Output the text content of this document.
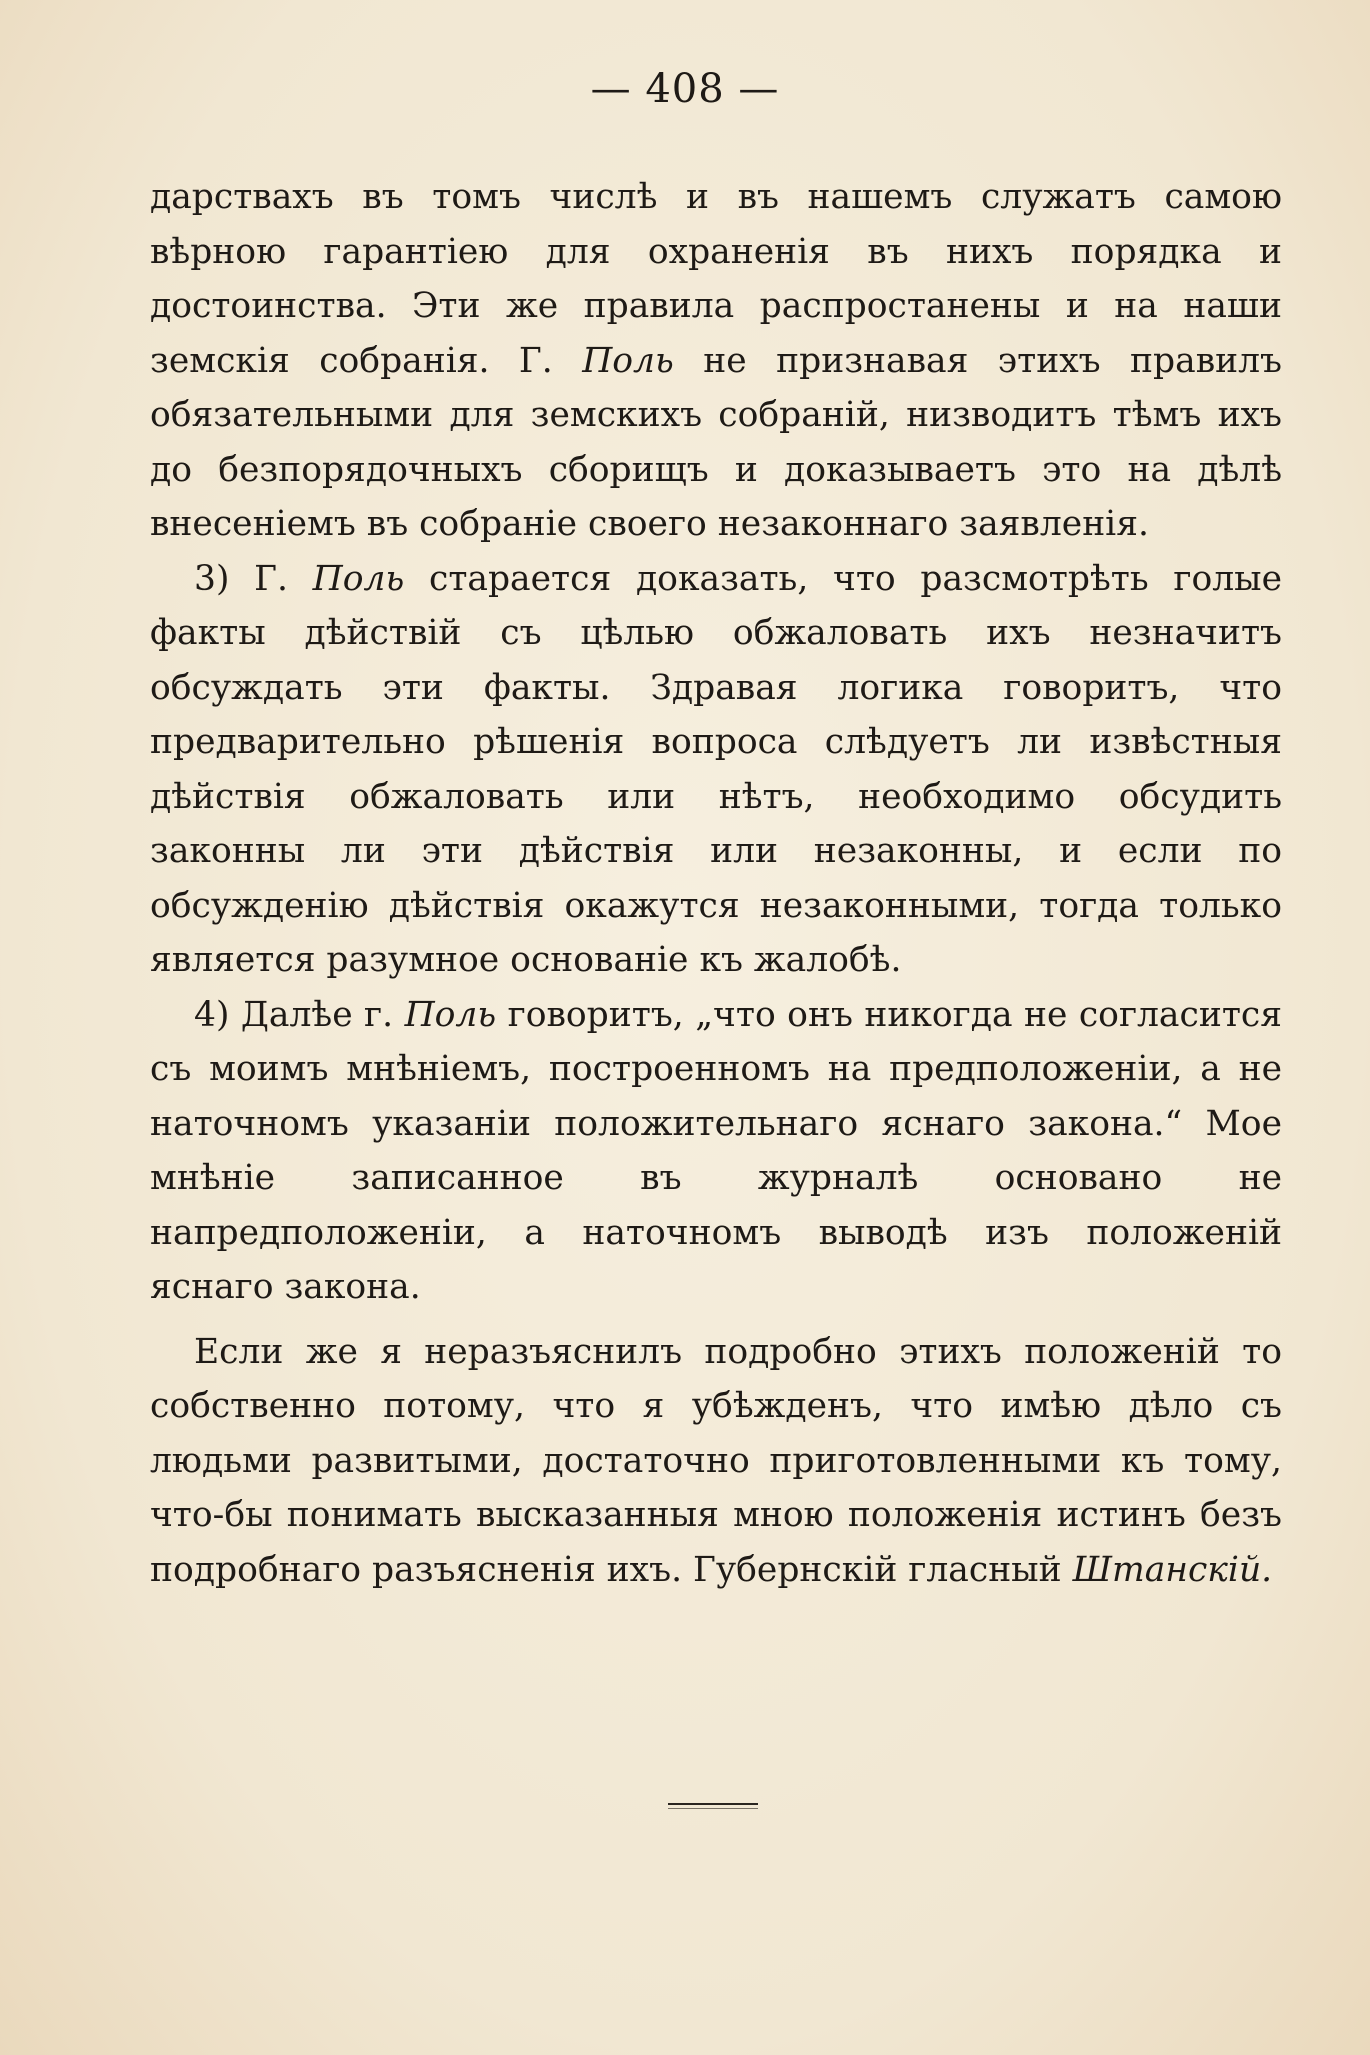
— 408 —

дарствахъ въ томъ числѣ и въ нашемъ служатъ самою вѣрною гарантіею для охраненія въ нихъ порядка и достоинства. Эти же правила распростанены и на наши земскія собранія. Г. Поль не признавая этихъ правилъ обязательными для земскихъ собраній, низводитъ тѣмъ ихъ до безпорядочныхъ сборищъ и доказываетъ это на дѣлѣ внесеніемъ въ собраніе своего незаконнаго заявленія.

3) Г. Поль старается доказать, что разсмотрѣть голые факты дѣйствій съ цѣлью обжаловать ихъ незначитъ обсуждать эти факты. Здравая логика говоритъ, что предварительно рѣшенія вопроса слѣдуетъ ли извѣстныя дѣйствія обжаловать или нѣтъ, необходимо обсудить законны ли эти дѣйствія или незаконны, и если по обсужденію дѣйствія окажутся незаконными, тогда только является разумное основаніе къ жалобѣ.

4) Далѣе г. Поль говоритъ, „что онъ никогда не согласится съ моимъ мнѣніемъ, построенномъ на предположеніи, а не наточномъ указаніи положительнаго яснаго закона.“ Мое мнѣніе записанное въ журналѣ основано не напредположеніи, а наточномъ выводѣ изъ положеній яснаго закона.

Если же я неразъяснилъ подробно этихъ положеній то собственно потому, что я убѣжденъ, что имѣю дѣло съ людьми развитыми, достаточно приготовленными къ тому, что-бы понимать высказанныя мною положенія истинъ безъ подробнаго разъясненія ихъ. Губернскій гласный Штанскій.
